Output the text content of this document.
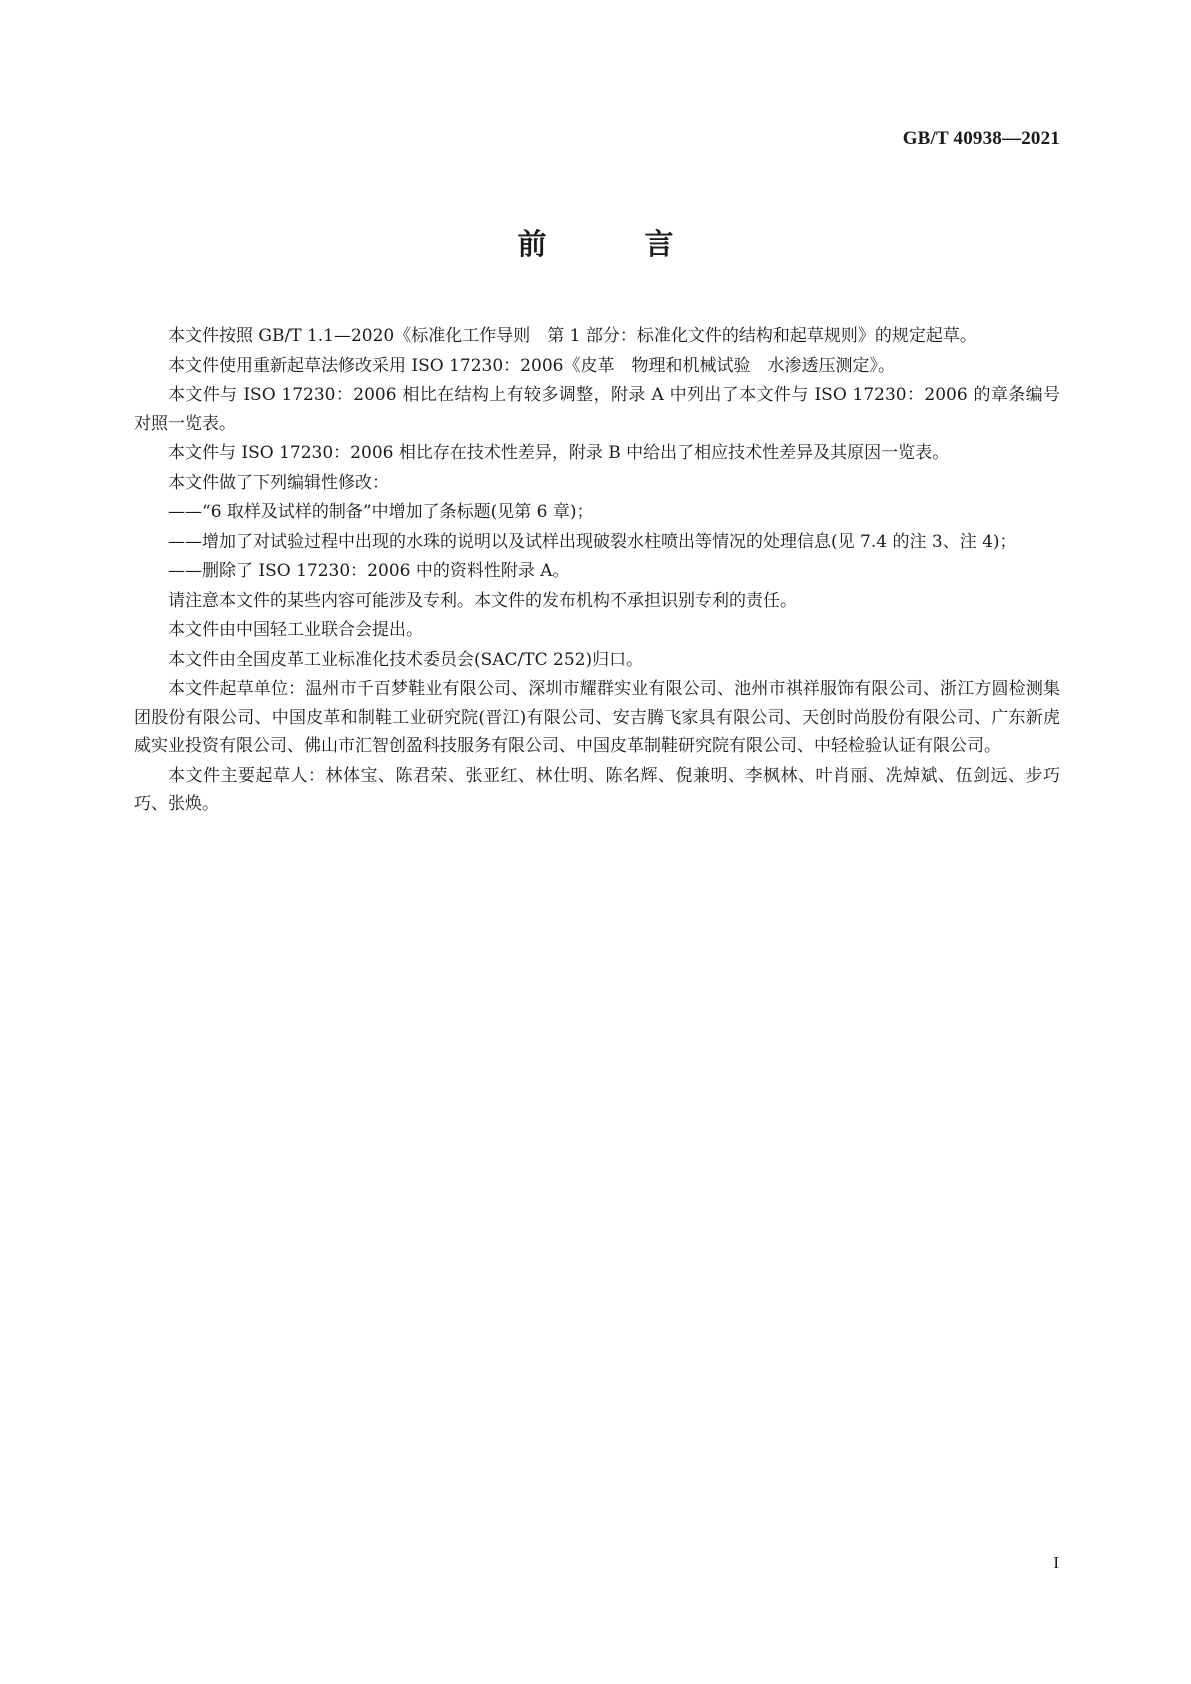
GB/T 40938—2021
前 言

本文件按照 GB/T 1.1—2020《标准化工作导则　第 1 部分：标准化文件的结构和起草规则》的规定起草。

本文件使用重新起草法修改采用 ISO 17230：2006《皮革　物理和机械试验　水渗透压测定》。

本文件与 ISO 17230：2006 相比在结构上有较多调整，附录 A 中列出了本文件与 ISO 17230：2006 的章条编号对照一览表。

本文件与 ISO 17230：2006 相比存在技术性差异，附录 B 中给出了相应技术性差异及其原因一览表。

本文件做了下列编辑性修改：

——“6 取样及试样的制备”中增加了条标题(见第 6 章)；

——增加了对试验过程中出现的水珠的说明以及试样出现破裂水柱喷出等情况的处理信息(见 7.4 的注 3、注 4)；

——删除了 ISO 17230：2006 中的资料性附录 A。

请注意本文件的某些内容可能涉及专利。本文件的发布机构不承担识别专利的责任。

本文件由中国轻工业联合会提出。

本文件由全国皮革工业标准化技术委员会(SAC/TC 252)归口。

本文件起草单位：温州市千百梦鞋业有限公司、深圳市耀群实业有限公司、池州市祺祥服饰有限公司、浙江方圆检测集团股份有限公司、中国皮革和制鞋工业研究院(晋江)有限公司、安吉腾飞家具有限公司、天创时尚股份有限公司、广东新虎威实业投资有限公司、佛山市汇智创盈科技服务有限公司、中国皮革制鞋研究院有限公司、中轻检验认证有限公司。

本文件主要起草人：林体宝、陈君荣、张亚红、林仕明、陈名辉、倪兼明、李枫林、叶肖丽、冼焯斌、伍剑远、步巧巧、张焕。

I
